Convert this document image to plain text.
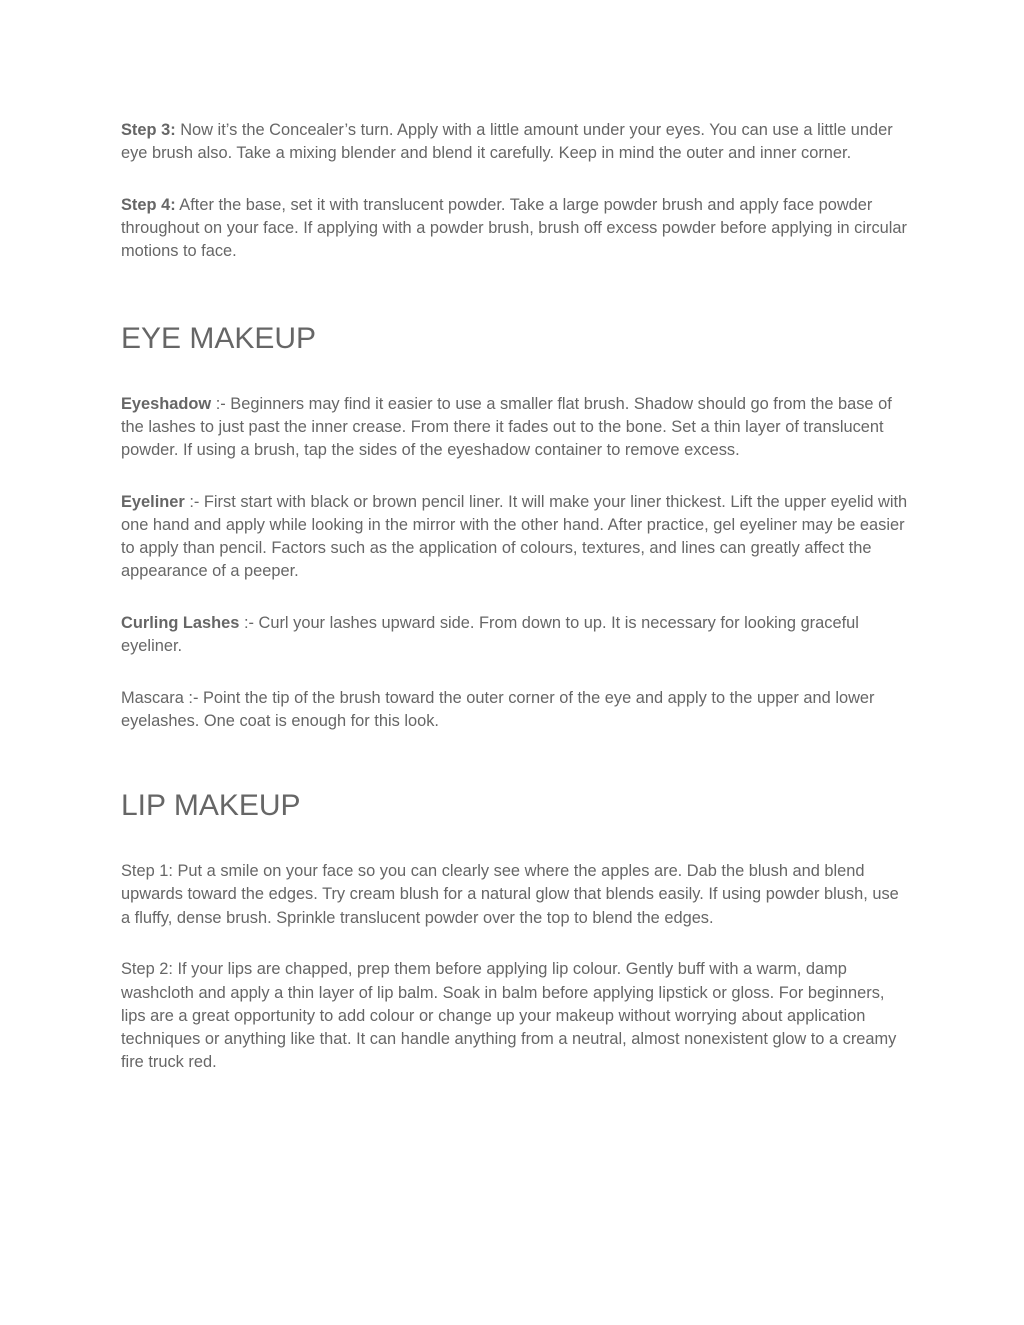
Step 3: Now it’s the Concealer’s turn. Apply with a little amount under your eyes. You can use a little under eye brush also. Take a mixing blender and blend it carefully. Keep in mind the outer and inner corner.

Step 4: After the base, set it with translucent powder. Take a large powder brush and apply face powder throughout on your face. If applying with a powder brush, brush off excess powder before applying in circular motions to face.

EYE MAKEUP

Eyeshadow :- Beginners may find it easier to use a smaller flat brush. Shadow should go from the base of the lashes to just past the inner crease. From there it fades out to the bone. Set a thin layer of translucent powder. If using a brush, tap the sides of the eyeshadow container to remove excess.

Eyeliner :- First start with black or brown pencil liner. It will make your liner thickest. Lift the upper eyelid with one hand and apply while looking in the mirror with the other hand. After practice, gel eyeliner may be easier to apply than pencil. Factors such as the application of colours, textures, and lines can greatly affect the appearance of a peeper.

Curling Lashes :- Curl your lashes upward side. From down to up. It is necessary for looking graceful eyeliner.

Mascara :- Point the tip of the brush toward the outer corner of the eye and apply to the upper and lower eyelashes. One coat is enough for this look.

LIP MAKEUP

Step 1: Put a smile on your face so you can clearly see where the apples are. Dab the blush and blend upwards toward the edges. Try cream blush for a natural glow that blends easily. If using powder blush, use a fluffy, dense brush. Sprinkle translucent powder over the top to blend the edges.

Step 2: If your lips are chapped, prep them before applying lip colour. Gently buff with a warm, damp washcloth and apply a thin layer of lip balm. Soak in balm before applying lipstick or gloss. For beginners, lips are a great opportunity to add colour or change up your makeup without worrying about application techniques or anything like that. It can handle anything from a neutral, almost nonexistent glow to a creamy fire truck red.
